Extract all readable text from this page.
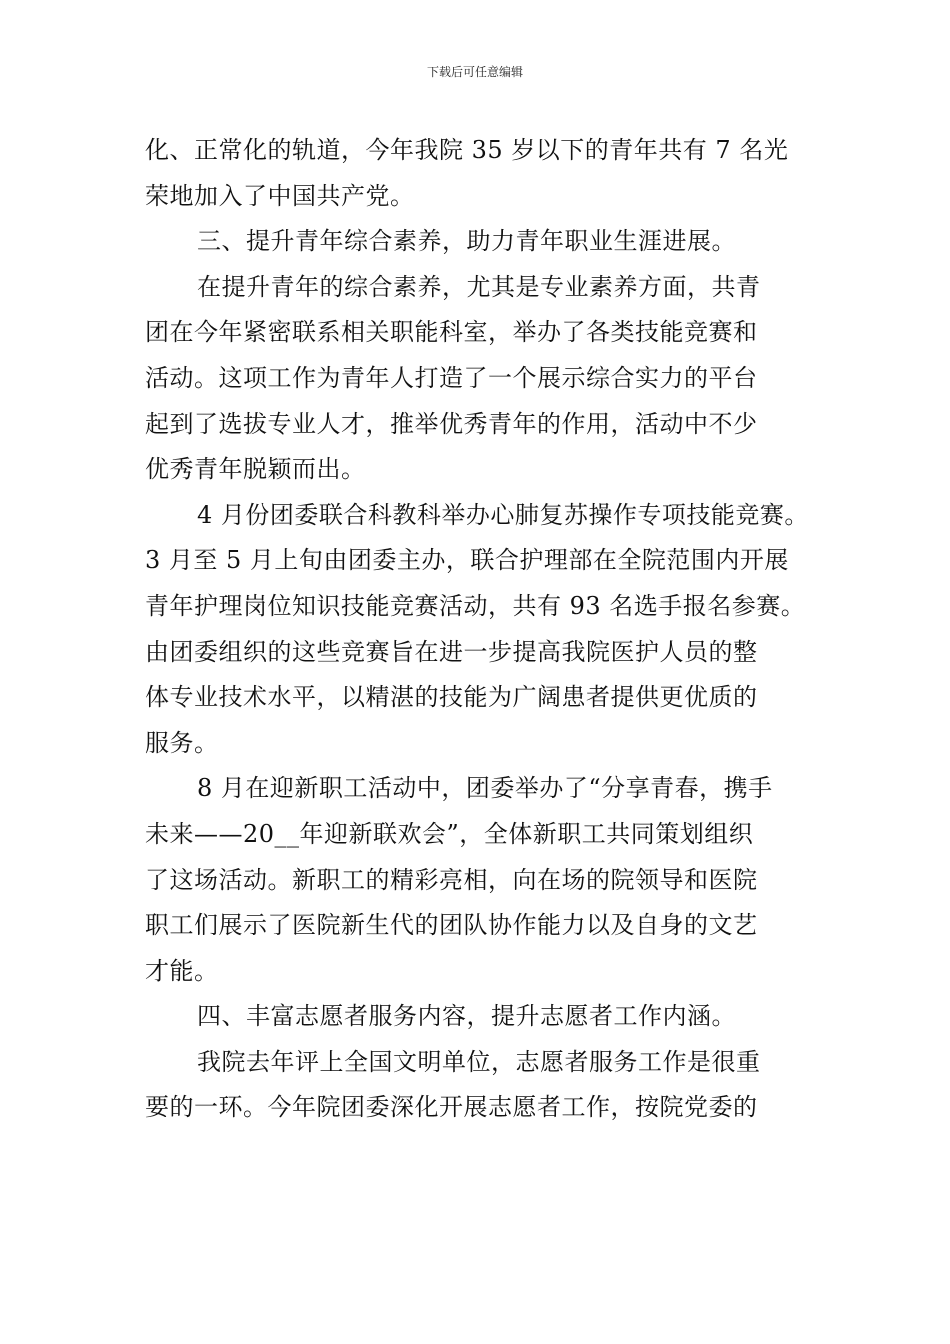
下载后可任意编辑
化、正常化的轨道，今年我院 35 岁以下的青年共有 7 名光
荣地加入了中国共产党。
三、提升青年综合素养，助力青年职业生涯进展。
在提升青年的综合素养，尤其是专业素养方面，共青
团在今年紧密联系相关职能科室，举办了各类技能竞赛和
活动。这项工作为青年人打造了一个展示综合实力的平台
起到了选拔专业人才，推举优秀青年的作用，活动中不少
优秀青年脱颖而出。
4 月份团委联合科教科举办心肺复苏操作专项技能竞赛。
3 月至 5 月上旬由团委主办，联合护理部在全院范围内开展
青年护理岗位知识技能竞赛活动，共有 93 名选手报名参赛。
由团委组织的这些竞赛旨在进一步提高我院医护人员的整
体专业技术水平，以精湛的技能为广阔患者提供更优质的
服务。
8 月在迎新职工活动中，团委举办了“分享青春，携手
未来——20__年迎新联欢会”，全体新职工共同策划组织
了这场活动。新职工的精彩亮相，向在场的院领导和医院
职工们展示了医院新生代的团队协作能力以及自身的文艺
才能。
四、丰富志愿者服务内容，提升志愿者工作内涵。
我院去年评上全国文明单位，志愿者服务工作是很重
要的一环。今年院团委深化开展志愿者工作，按院党委的
